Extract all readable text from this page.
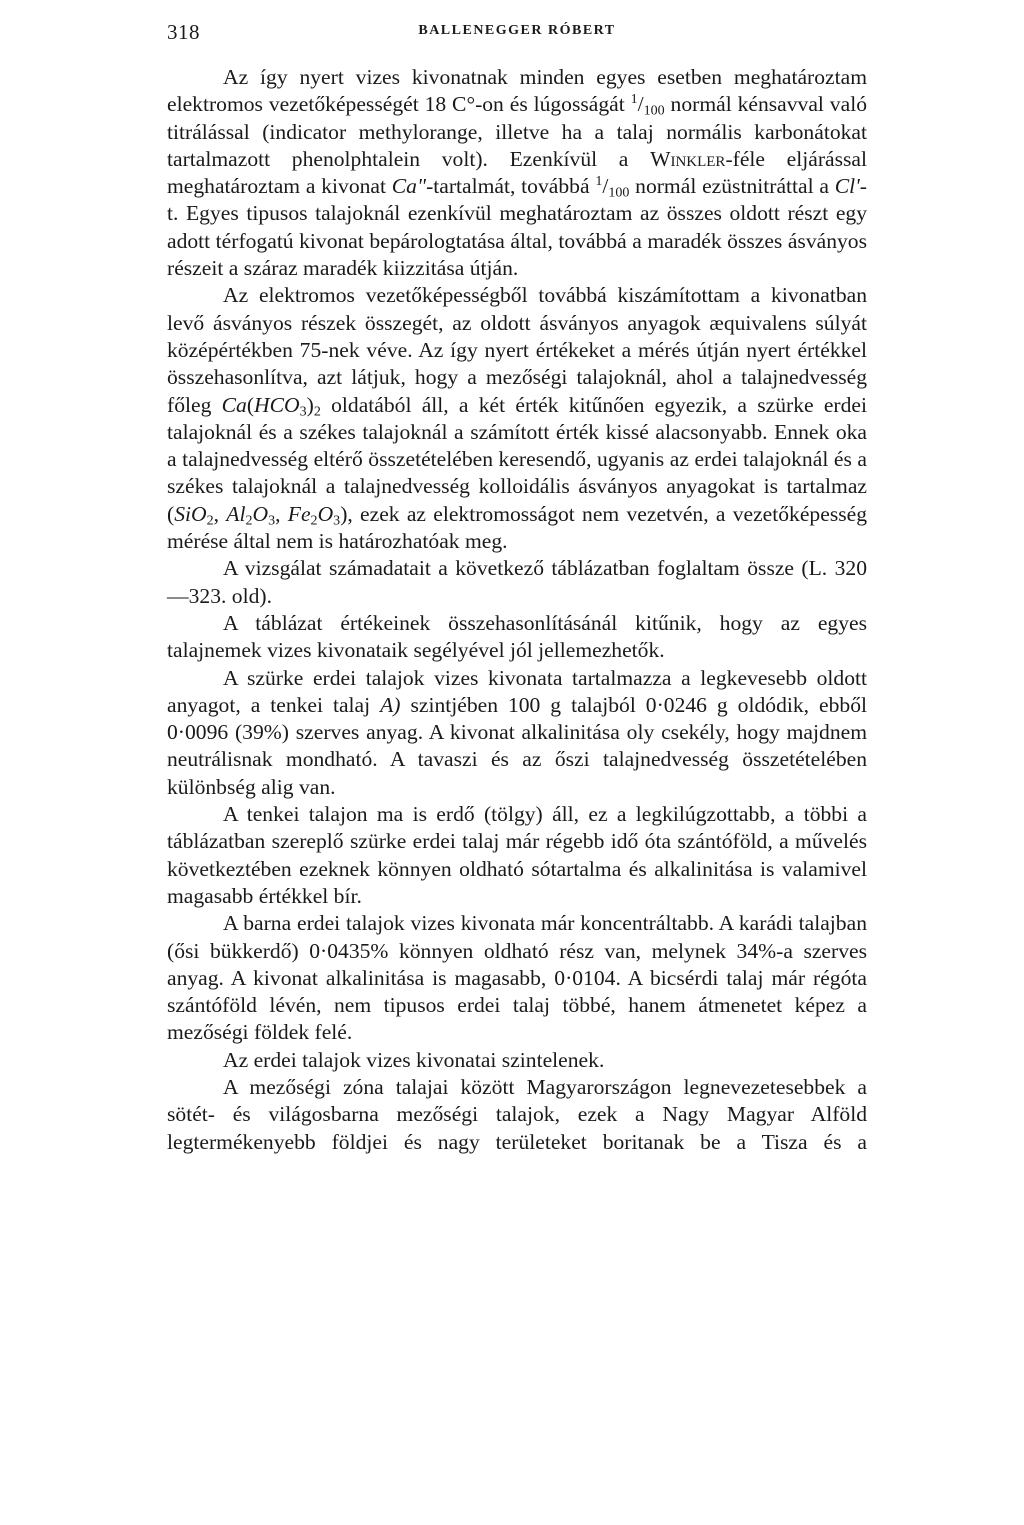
318	BALLENEGGER RÓBERT

Az így nyert vizes kivonatnak minden egyes esetben meghatároztam elektromos vezetőképességét 18 C°-on és lúgosságát $^1/_{100}$ normál kénsavval való titrálással (indicator methylorange, illetve ha a talaj normális karbonátokat tartalmazott phenolphtalein volt). Ezenkívül a Winkler-féle eljárással meghatároztam a kivonat Ca"-tartalmát, továbbá $^1/_{100}$ normál ezüstnitráttal a Cl'-t. Egyes tipusos talajoknál ezenkívül meghatároztam az összes oldott részt egy adott térfogatú kivonat bepárologtatása által, továbbá a maradék összes ásványos részeit a száraz maradék kiizzitása útján.

Az elektromos vezetőképességből továbbá kiszámítottam a kivonatban levő ásványos részek összegét, az oldott ásványos anyagok æquivalens súlyát középértékben 75-nek véve. Az így nyert értékeket a mérés útján nyert értékkel összehasonlítva, azt látjuk, hogy a mezőségi talajoknál, ahol a talajnedvesség főleg $Ca(HCO_3)_2$ oldatából áll, a két érték kitűnően egyezik, a szürke erdei talajoknál és a székes talajoknál a számított érték kissé alacsonyabb. Ennek oka a talajnedvesség eltérő összetételében keresendő, ugyanis az erdei talajoknál és a székes talajoknál a talajnedvesség kolloidális ásványos anyagokat is tartalmaz (SiO$_2$, $Al_2O_3$, $Fe_2O_3$), ezek az elektromosságot nem vezetvén, a vezetőképesség mérése által nem is határozhatóak meg.

A vizsgálat számadatait a következő táblázatban foglaltam össze (L. 320—323. old).

A táblázat értékeinek összehasonlításánál kitűnik, hogy az egyes talajnemek vizes kivonataik segélyével jól jellemezhetők.

A szürke erdei talajok vizes kivonata tartalmazza a legkevesebb oldott anyagot, a tenkei talaj A) szintjében 100 g talajból 0·0246 g oldódik, ebből 0·0096 (39%) szerves anyag. A kivonat alkalinitása oly csekély, hogy majdnem neutrálisnak mondható. A tavaszi és az őszi talajnedvesség összetételében különbség alig van.

A tenkei talajon ma is erdő (tölgy) áll, ez a legkilúgzottabb, a többi a táblázatban szereplő szürke erdei talaj már régebb idő óta szántóföld, a művelés következtében ezeknek könnyen oldható sótartalma és alkalinitása is valamivel magasabb értékkel bír.

A barna erdei talajok vizes kivonata már koncentráltabb. A karádi talajban (ősi bükkerdő) 0·0435% könnyen oldható rész van, melynek 34%-a szerves anyag. A kivonat alkalinitása is magasabb, 0·0104. A bicsérdi talaj már régóta szántóföld lévén, nem tipusos erdei talaj többé, hanem átmenetet képez a mezőségi földek felé.

Az erdei talajok vizes kivonatai szintelenek.

A mezőségi zóna talajai között Magyarországon legnevezetesebbek a sötét- és világosbarna mezőségi talajok, ezek a Nagy Magyar Alföld legtermékenyebb földjei és nagy területeket boritanak be a Tisza és a
